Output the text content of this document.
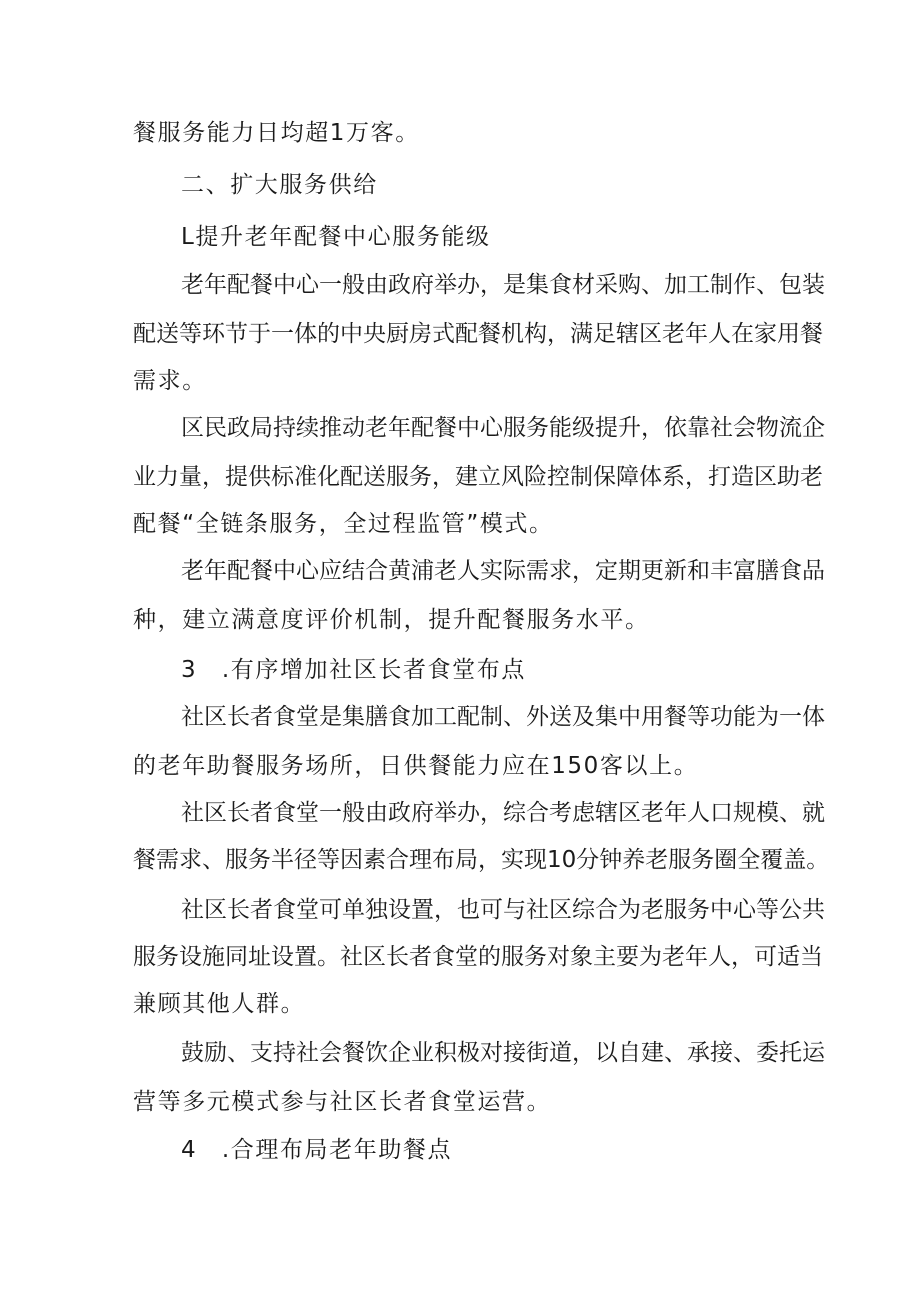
餐服务能力日均超1万客。

二、扩大服务供给

L提升老年配餐中心服务能级

老年配餐中心一般由政府举办，是集食材采购、加工制作、包装

配送等环节于一体的中央厨房式配餐机构，满足辖区老年人在家用餐

需求。

区民政局持续推动老年配餐中心服务能级提升，依靠社会物流企

业力量，提供标准化配送服务，建立风险控制保障体系，打造区助老

配餐“全链条服务，全过程监管”模式。

老年配餐中心应结合黄浦老人实际需求，定期更新和丰富膳食品

种，建立满意度评价机制，提升配餐服务水平。

3　.有序增加社区长者食堂布点

社区长者食堂是集膳食加工配制、外送及集中用餐等功能为一体

的老年助餐服务场所，日供餐能力应在150客以上。

社区长者食堂一般由政府举办，综合考虑辖区老年人口规模、就

餐需求、服务半径等因素合理布局，实现10分钟养老服务圈全覆盖。

社区长者食堂可单独设置，也可与社区综合为老服务中心等公共

服务设施同址设置。社区长者食堂的服务对象主要为老年人，可适当

兼顾其他人群。

鼓励、支持社会餐饮企业积极对接街道，以自建、承接、委托运

营等多元模式参与社区长者食堂运营。

4　.合理布局老年助餐点
